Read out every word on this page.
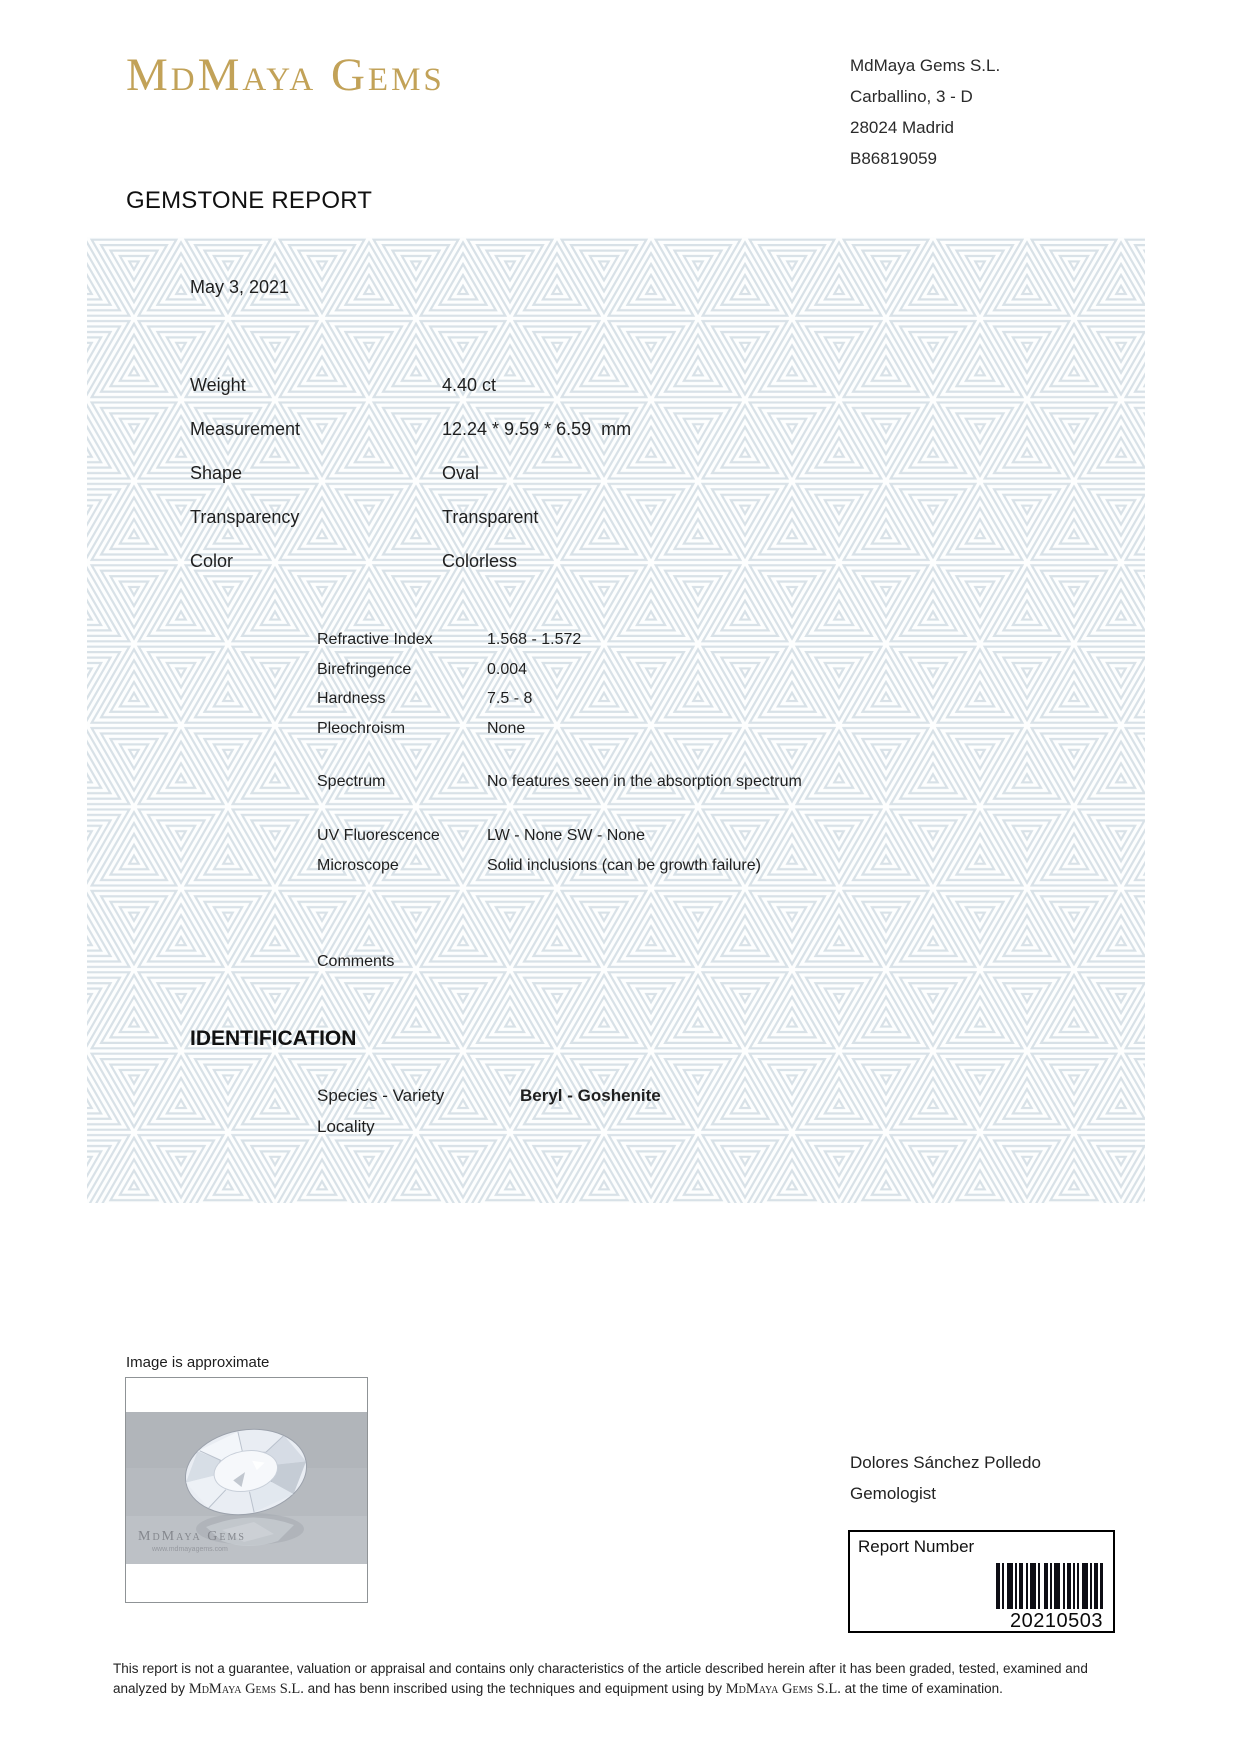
MdMaya Gems	MdMaya Gems S.L.
Carballino, 3 - D
28024 Madrid
B86819059
GEMSTONE REPORT
May 3, 2021
Weight	4.40 ct
Measurement	12.24 * 9.59 * 6.59  mm
Shape	Oval
Transparency	Transparent
Color	Colorless
Refractive Index	1.568 - 1.572
Birefringence	0.004
Hardness	7.5 - 8
Pleochroism	None
Spectrum	No features seen in the absorption spectrum
UV Fluorescence	LW - None SW - None
Microscope	Solid inclusions (can be growth failure)
Comments
IDENTIFICATION
Species - Variety	Beryl - Goshenite
Locality
Image is approximate
MdMaya Gems
www.mdmayagems.com
Dolores Sánchez Polledo
Gemologist
Report Number
20210503

This report is not a guarantee, valuation or appraisal and contains only characteristics of the article described herein after it has been graded, tested, examined and analyzed by MdMaya Gems S.L. and has benn inscribed using the techniques and equipment using by MdMaya Gems S.L. at the time of examination.
